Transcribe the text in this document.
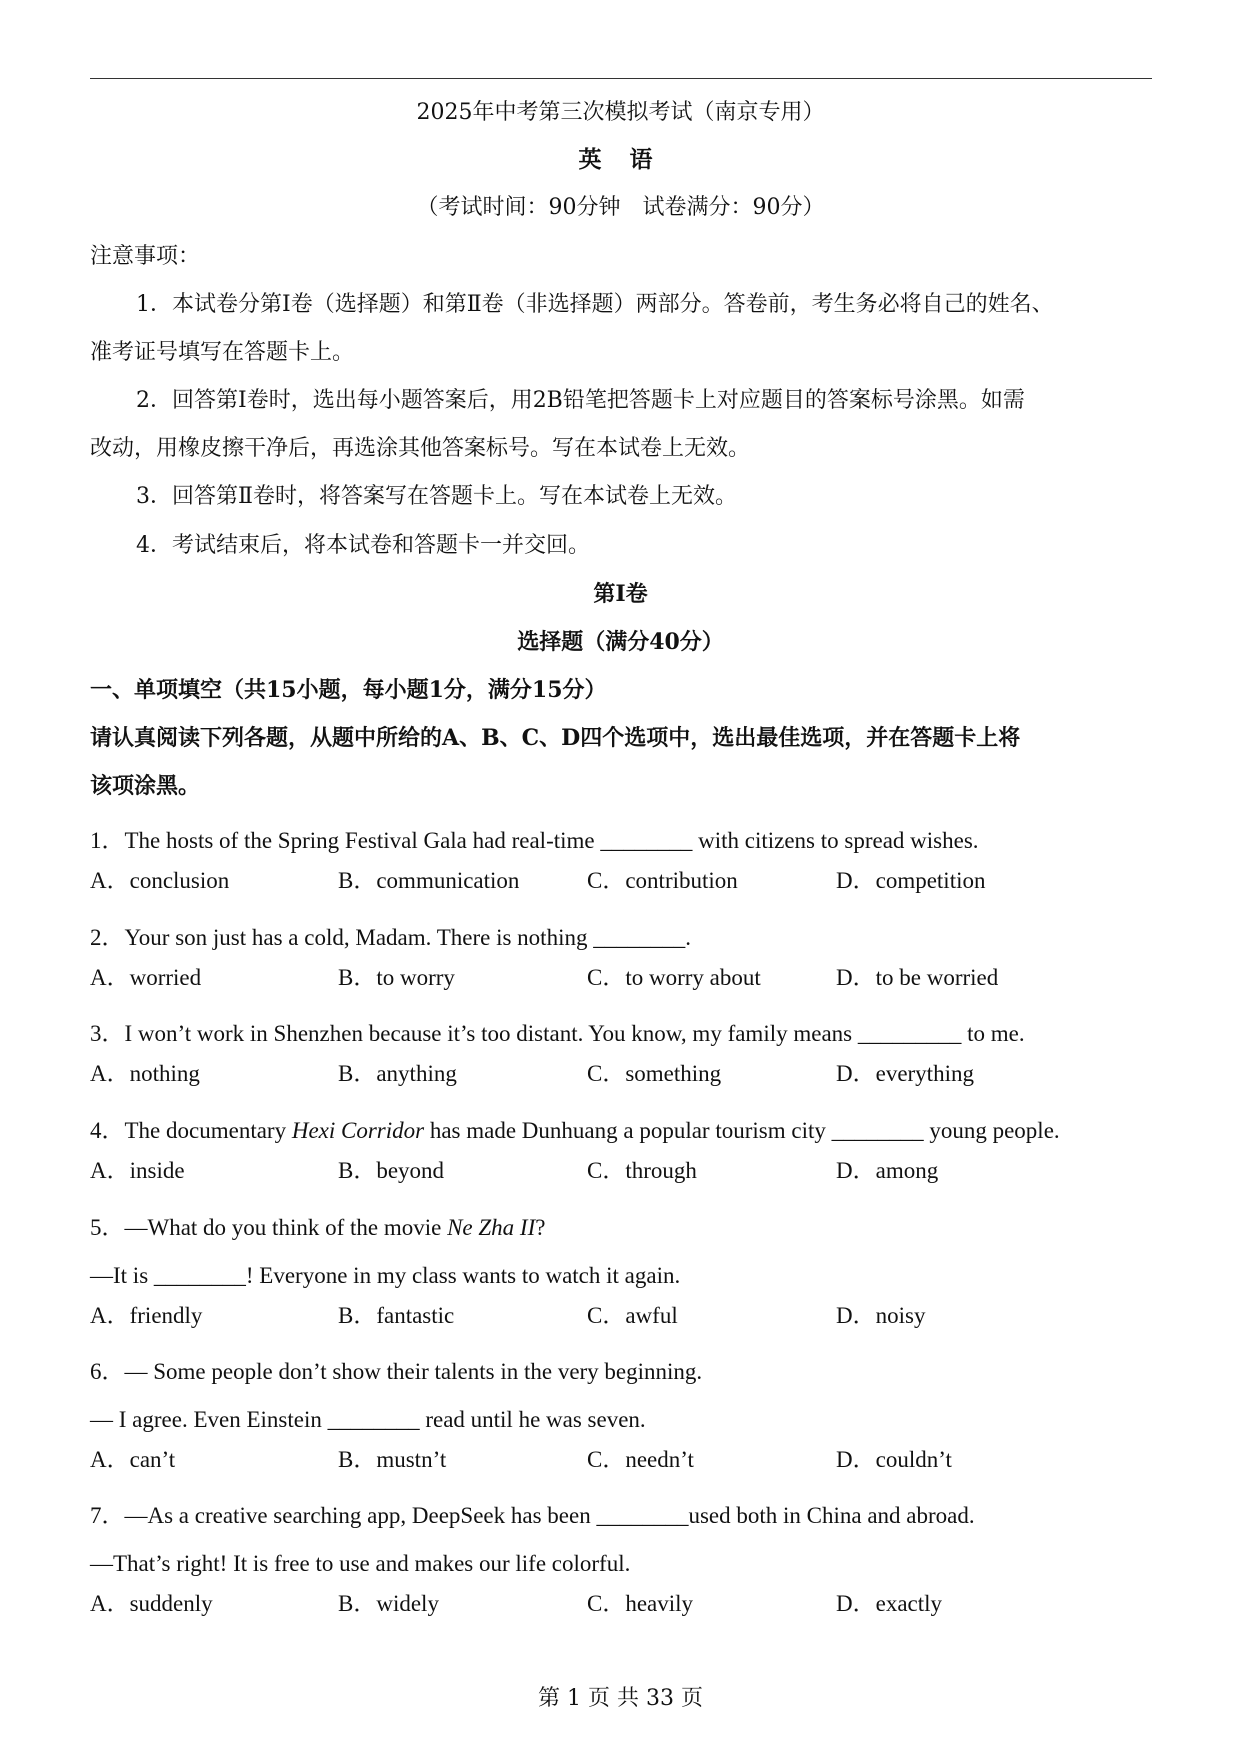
2025年中考第三次模拟考试（南京专用）
英 语
（考试时间：90分钟　试卷满分：90分）
注意事项：
1．本试卷分第Ⅰ卷（选择题）和第Ⅱ卷（非选择题）两部分。答卷前，考生务必将自己的姓名、
准考证号填写在答题卡上。
2．回答第Ⅰ卷时，选出每小题答案后，用2B铅笔把答题卡上对应题目的答案标号涂黑。如需
改动，用橡皮擦干净后，再选涂其他答案标号。写在本试卷上无效。
3．回答第Ⅱ卷时，将答案写在答题卡上。写在本试卷上无效。
4．考试结束后，将本试卷和答题卡一并交回。
第Ⅰ卷
选择题（满分40分）
一、单项填空（共15小题，每小题1分，满分15分）
请认真阅读下列各题，从题中所给的A、B、C、D四个选项中，选出最佳选项，并在答题卡上将
该项涂黑。
1．The hosts of the Spring Festival Gala had real-time ________ with citizens to spread wishes.
A．conclusion	B．communication	C．contribution	D．competition
2．Your son just has a cold, Madam. There is nothing ________.
A．worried	B．to worry	C．to worry about	D．to be worried
3．I won’t work in Shenzhen because it’s too distant. You know, my family means _________ to me.
A．nothing	B．anything	C．something	D．everything
4．The documentary Hexi Corridor has made Dunhuang a popular tourism city ________ young people.
A．inside	B．beyond	C．through	D．among
5．—What do you think of the movie Ne Zha II?
—It is ________! Everyone in my class wants to watch it again.
A．friendly	B．fantastic	C．awful	D．noisy
6．— Some people don’t show their talents in the very beginning.
— I agree. Even Einstein ________ read until he was seven.
A．can’t	B．mustn’t	C．needn’t	D．couldn’t
7．—As a creative searching app, DeepSeek has been ________used both in China and abroad.
—That’s right! It is free to use and makes our life colorful.
A．suddenly	B．widely	C．heavily	D．exactly
第 1 页 共 33 页
